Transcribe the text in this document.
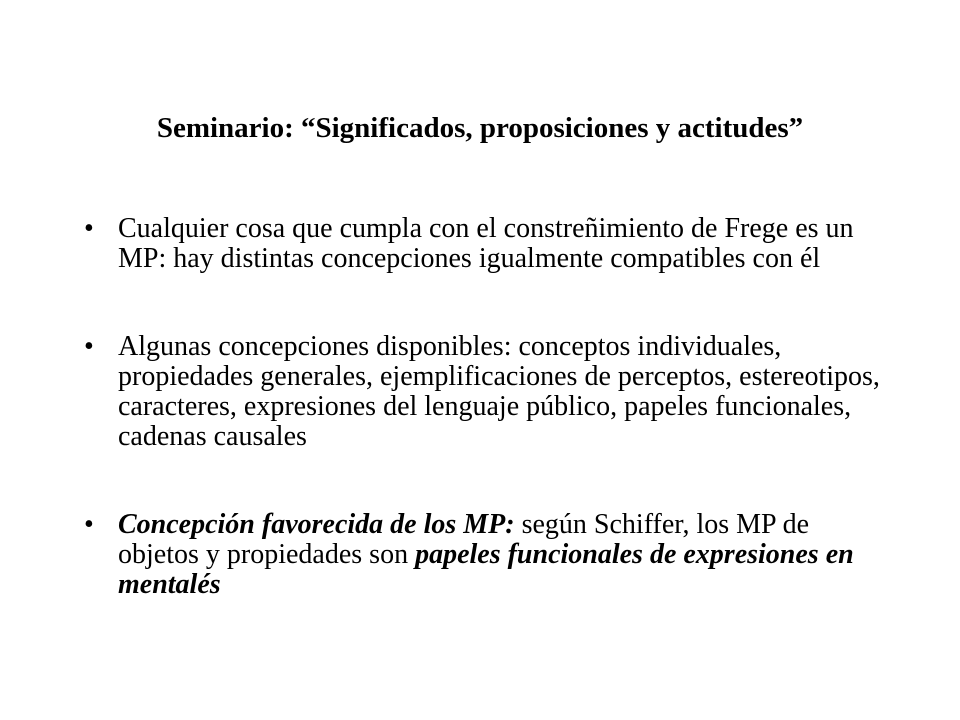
Seminario: “Significados, proposiciones y actitudes”
• Cualquier cosa que cumpla con el constreñimiento de Frege es un MP: hay distintas concepciones igualmente compatibles con él
• Algunas concepciones disponibles: conceptos individuales, propiedades generales, ejemplificaciones de perceptos, estereotipos, caracteres, expresiones del lenguaje público, papeles funcionales, cadenas causales
• Concepción favorecida de los MP: según Schiffer, los MP de objetos y propiedades son papeles funcionales de expresiones en mentalés
